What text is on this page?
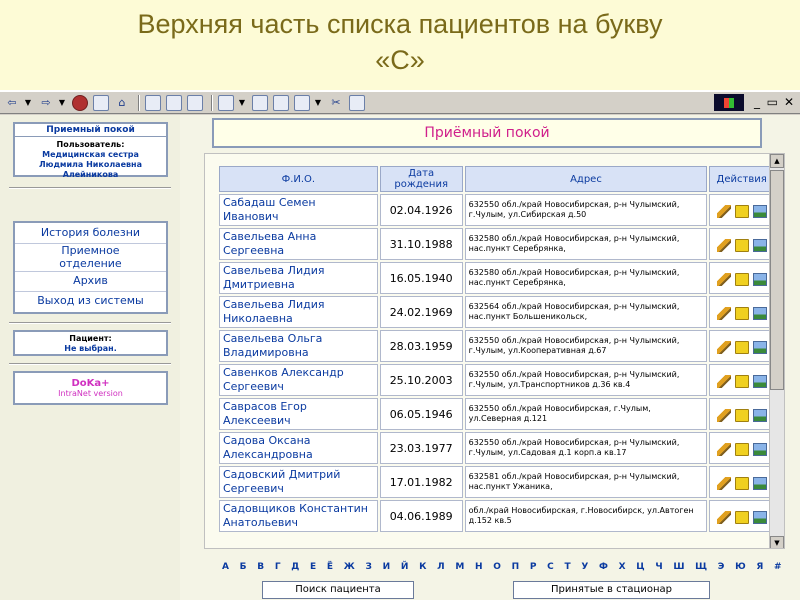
Верхняя часть списка пациентов на букву
«С»
⇦	▼ ⇨	▼	⌂	▼	▼ ✂	_ ▭ ✕
Приемный покой
Пользователь:
Медицинская сестра
Людмила Николаевна
Алейникова
История болезни
Приемное отделение
Архив
Выход из системы
Пациент:
Не выбран.
DоKа+
IntraNet version
Приёмный покой
Ф.И.О.	Дата рождения	Адрес	Действия
Сабадаш Семен Иванович	02.04.1926	632550 обл./край Новосибирская, р-н Чулымский, г.Чулым, ул.Сибирская д.50	
Савельева Анна Сергеевна	31.10.1988	632580 обл./край Новосибирская, р-н Чулымский, нас.пункт Серебрянка,	
Савельева Лидия Дмитриевна	16.05.1940	632580 обл./край Новосибирская, р-н Чулымский, нас.пункт Серебрянка,	
Савельева Лидия Николаевна	24.02.1969	632564 обл./край Новосибирская, р-н Чулымский, нас.пункт Большеникольск,	
Савельева Ольга Владимировна	28.03.1959	632550 обл./край Новосибирская, р-н Чулымский, г.Чулым, ул.Кооперативная д.67	
Савенков Александр Сергеевич	25.10.2003	632550 обл./край Новосибирская, р-н Чулымский, г.Чулым, ул.Транспортников д.36 кв.4	
Саврасов Егор Алексеевич	06.05.1946	632550 обл./край Новосибирская, г.Чулым, ул.Северная д.121	
Садова Оксана Александровна	23.03.1977	632550 обл./край Новосибирская, р-н Чулымский, г.Чулым, ул.Садовая д.1 корп.а кв.17	
Садовский Дмитрий Сергеевич	17.01.1982	632581 обл./край Новосибирская, р-н Чулымский, нас.пункт Ужаника,	
Садовщиков Константин Анатольевич	04.06.1989	обл./край Новосибирская, г.Новосибирск, ул.Автоген д.152 кв.5	
▲
▼
А Б В Г Д Е Ё Ж З И Й К Л М Н О П Р С Т У Ф Х Ц Ч Ш Щ Э Ю Я #
Поиск пациента	Принятые в стационар
